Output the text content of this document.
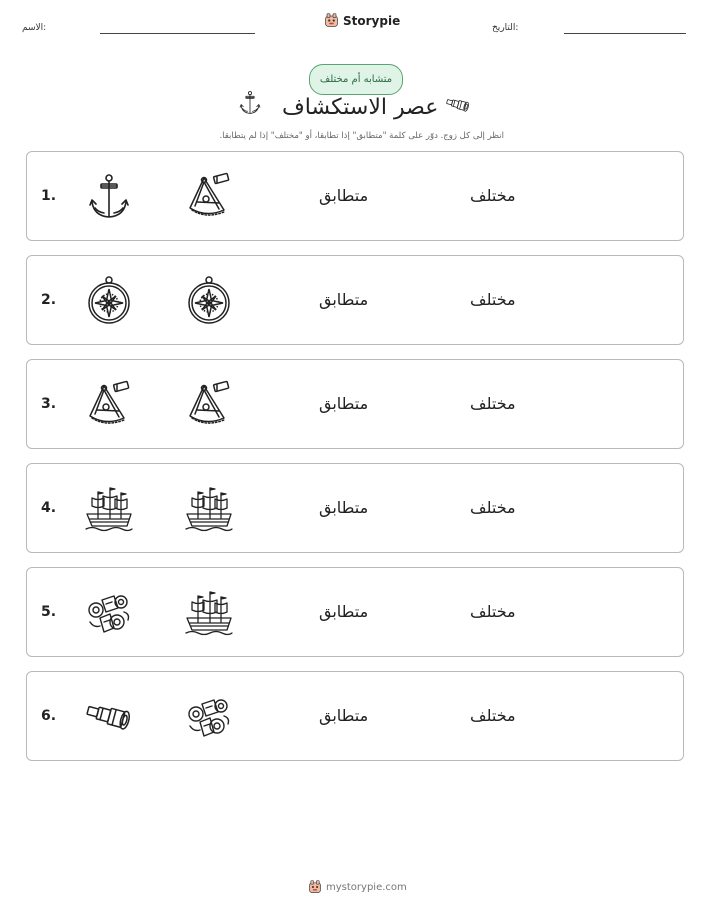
الاسم:
Storypie
التاريخ:
متشابه أم مختلف
عصر الاستكشاف
انظر إلى كل زوج. دوّر على كلمة "متطابق" إذا تطابقا، أو "مختلف" إذا لم يتطابقا.
1.	متطابق	مختلف
2.	متطابق	مختلف
3.	متطابق	مختلف
4.	متطابق	مختلف
5.	متطابق	مختلف
6.	متطابق	مختلف
mystorypie.com
